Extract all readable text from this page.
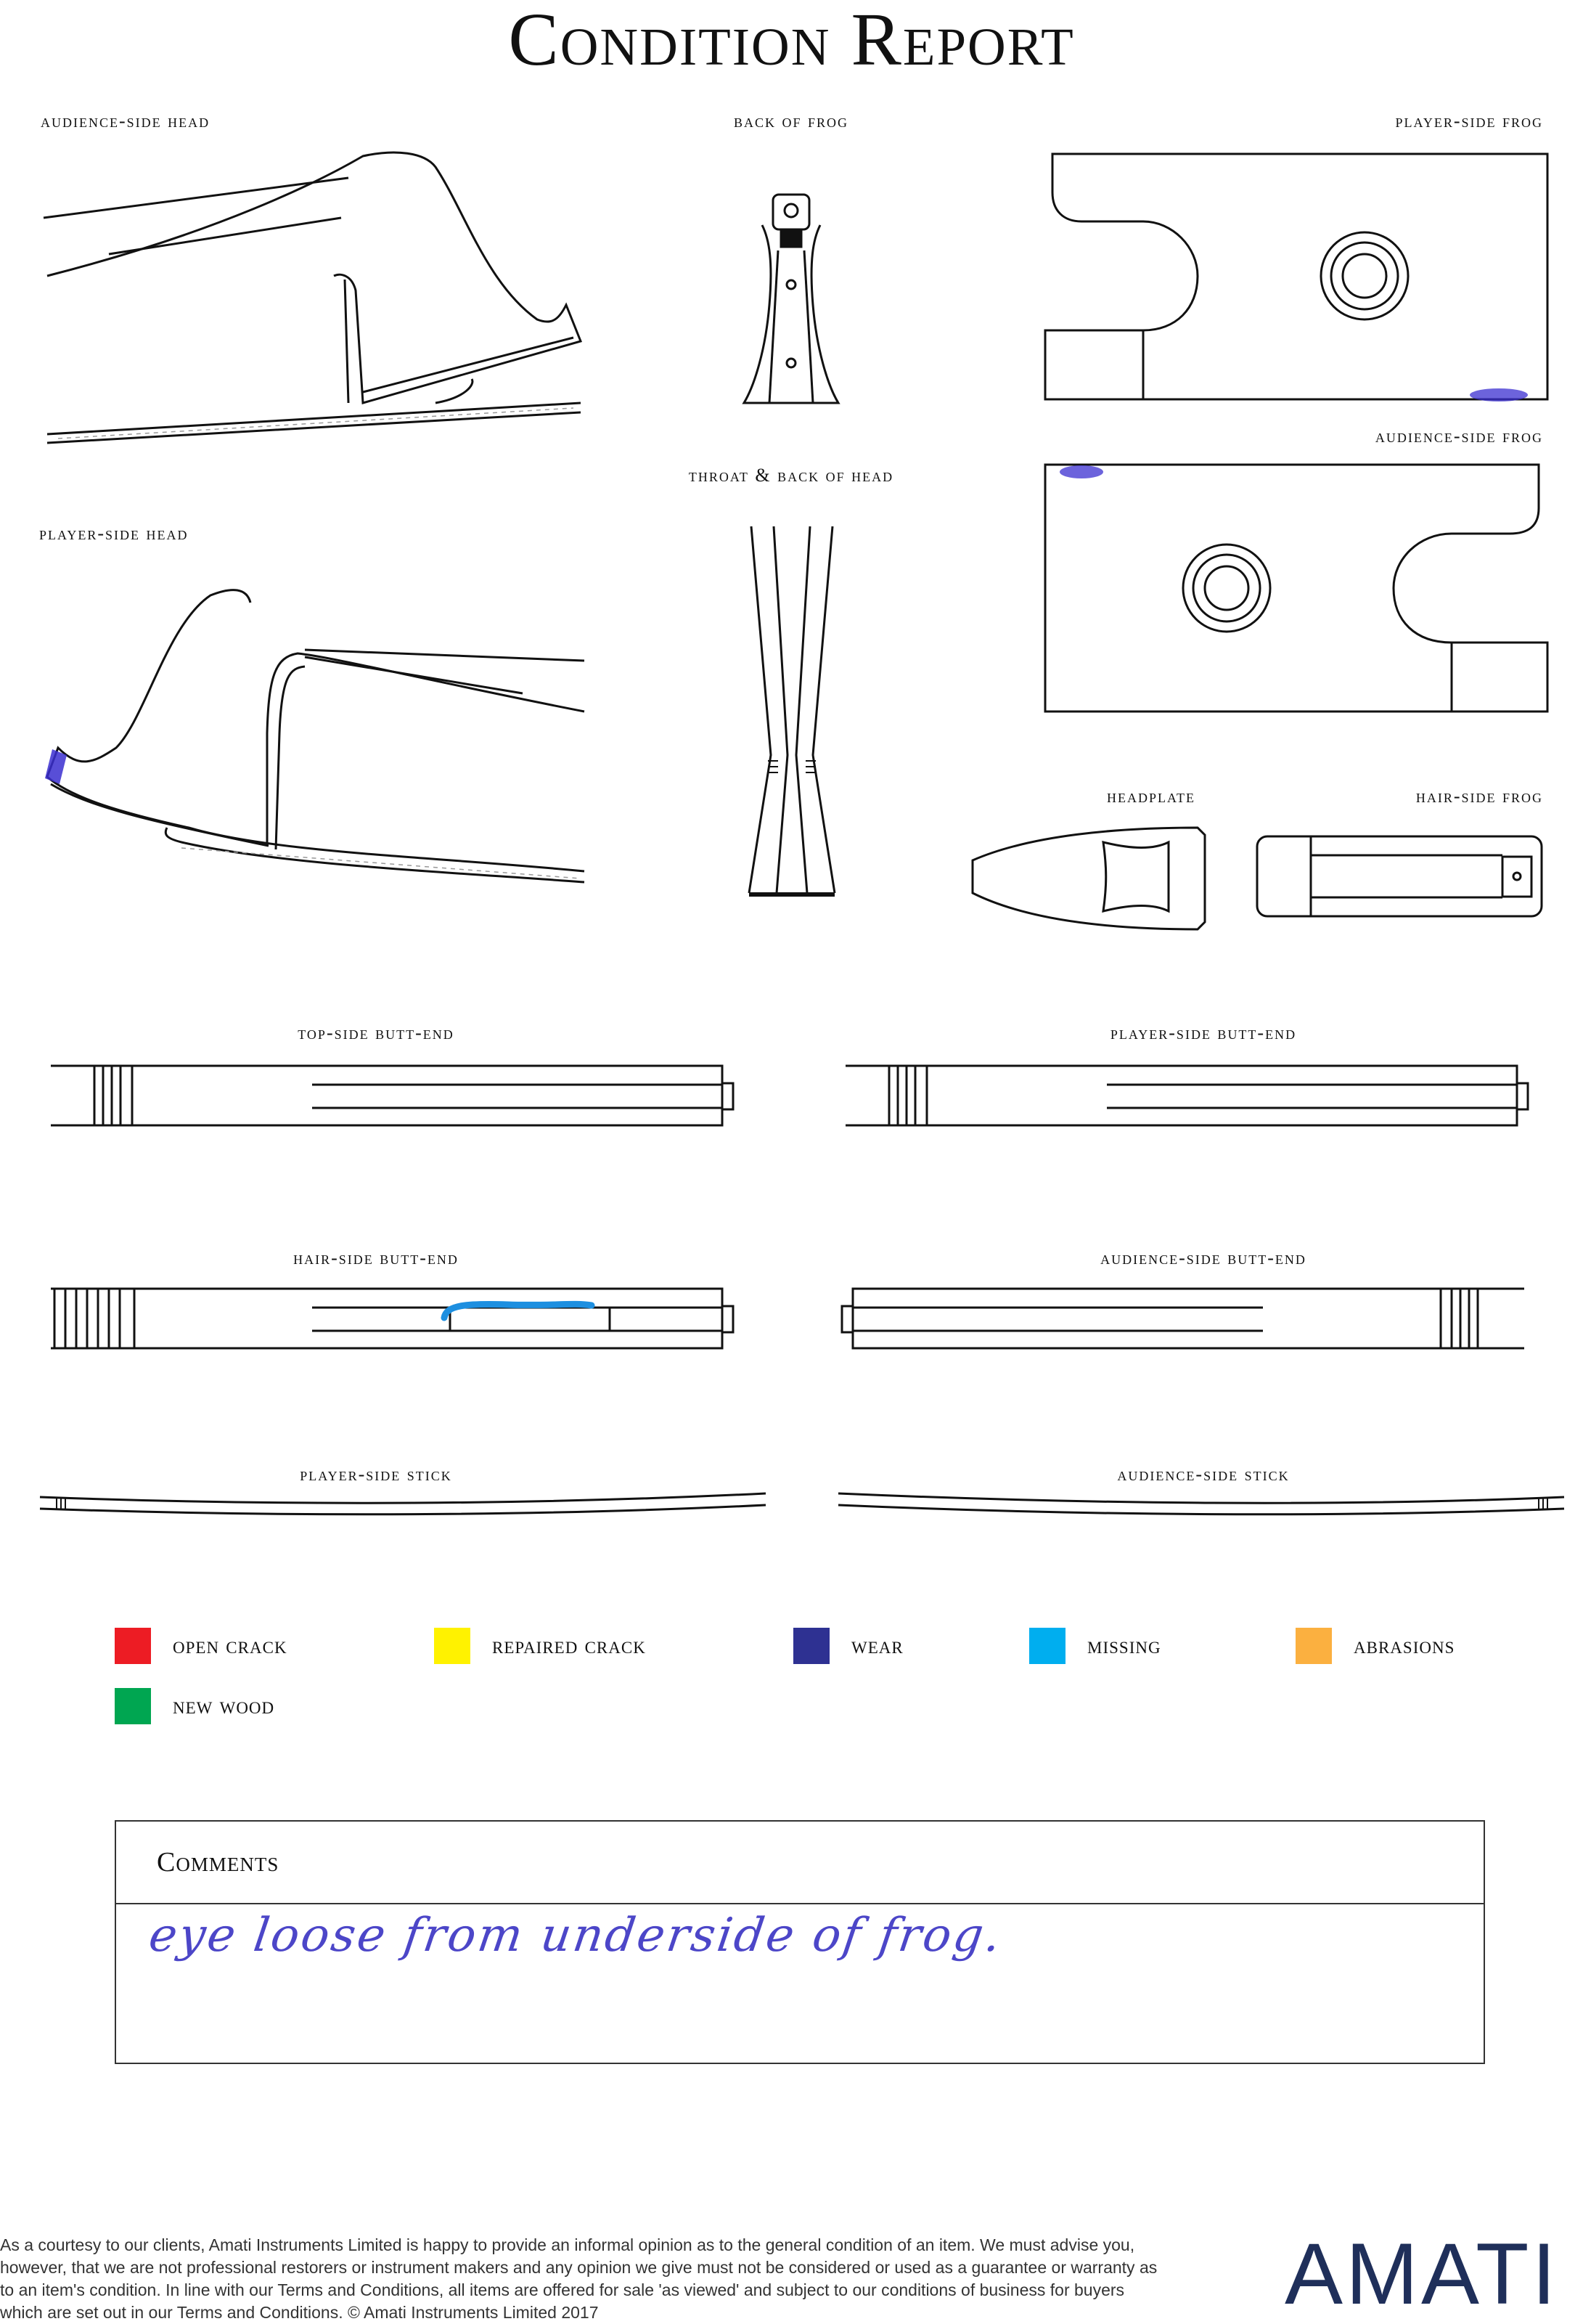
Condition Report
audience-side head	back of frog	player-side frog
audience-side frog
throat & back of head
player-side head
headplate	hair-side frog
top-side butt-end	player-side butt-end
hair-side butt-end	audience-side butt-end
player-side stick	audience-side stick
open crack	repaired crack	wear	missing	abrasions
new wood
Comments
eye loose from underside of frog.
As a courtesy to our clients, Amati Instruments Limited is happy to provide an informal opinion as to the general condition of an item. We must advise you, however, that we are not professional restorers or instrument makers and any opinion we give must not be considered or used as a guarantee or warranty as to an item's condition. In line with our Terms and Conditions, all items are offered for sale 'as viewed' and subject to our conditions of business for buyers which are set out in our Terms and Conditions. © Amati Instruments Limited 2017	AMATI
